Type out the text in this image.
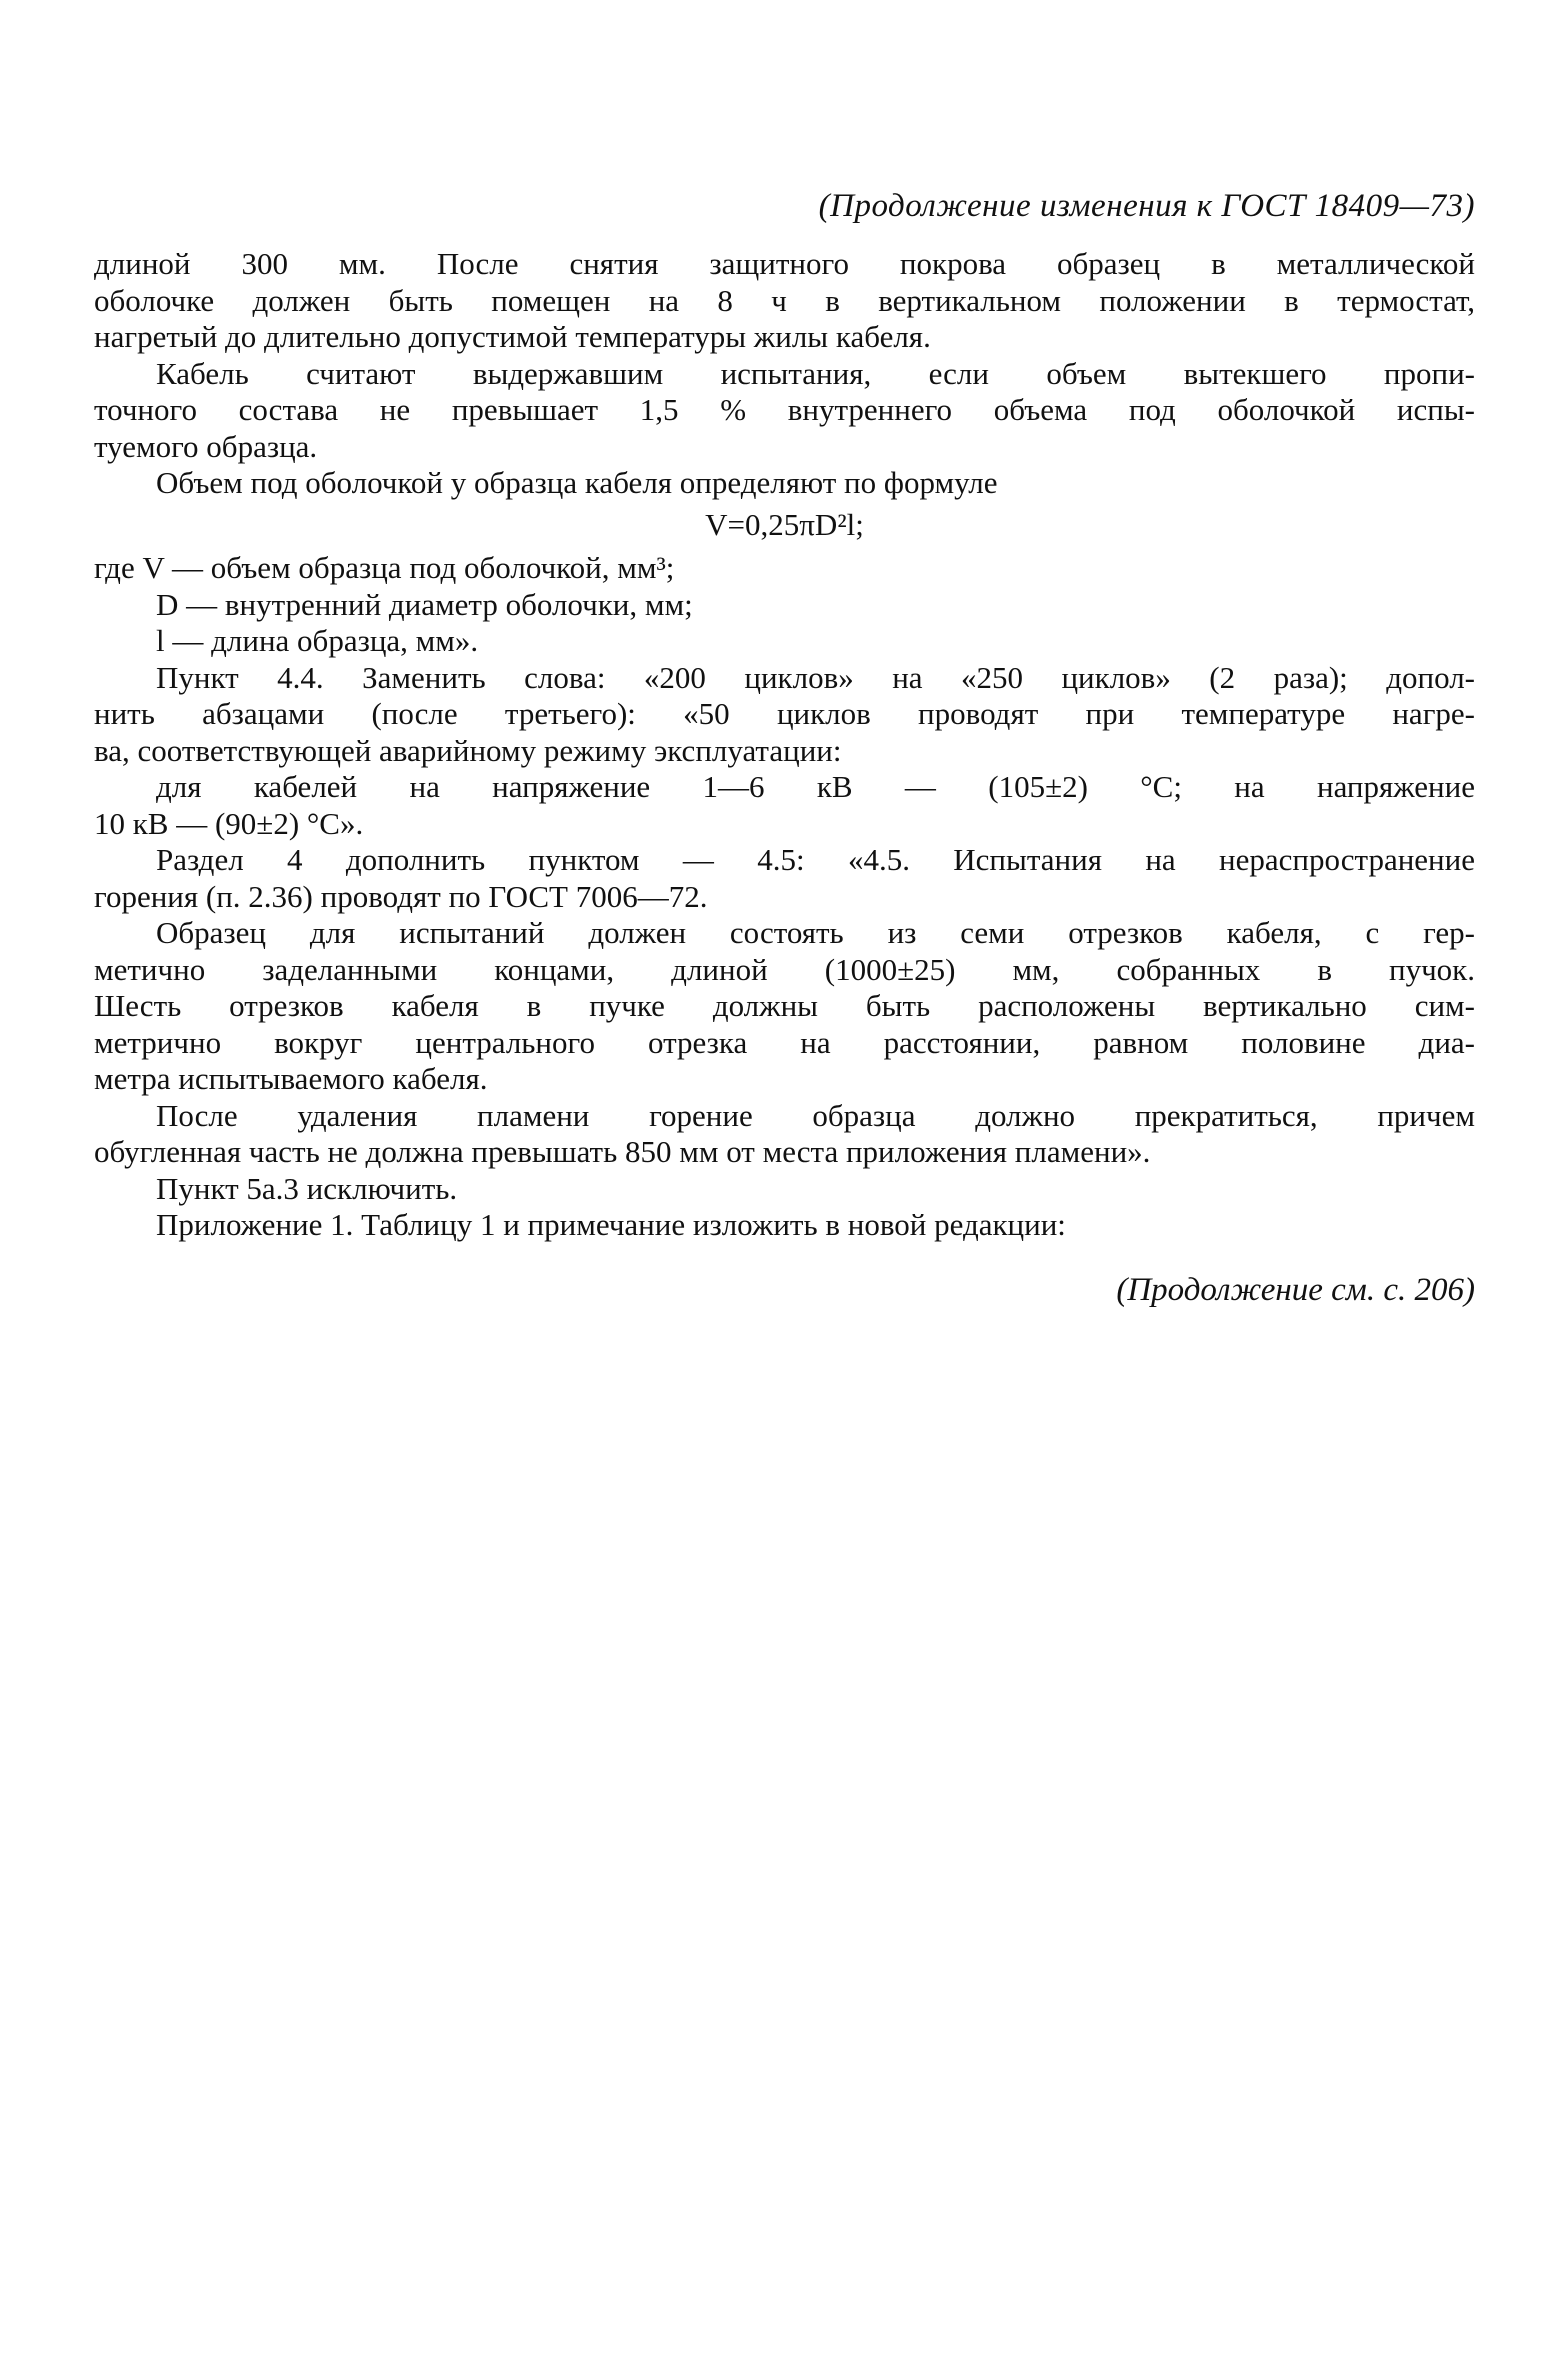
(Продолжение изменения к ГОСТ 18409—73)
длиной 300 мм. После снятия защитного покрова образец в металлической
оболочке должен быть помещен на 8 ч в вертикальном положении в термостат,
нагретый до длительно допустимой температуры жилы кабеля.
Кабель считают выдержавшим испытания, если объем вытекшего пропи-
точного состава не превышает 1,5 % внутреннего объема под оболочкой испы-
туемого образца.
Объем под оболочкой у образца кабеля определяют по формуле
V=0,25πD²l;
где V — объем образца под оболочкой, мм³;
D — внутренний диаметр оболочки, мм;
l — длина образца, мм».
Пункт 4.4. Заменить слова: «200 циклов» на «250 циклов» (2 раза); допол-
нить абзацами (после третьего): «50 циклов проводят при температуре нагре-
ва, соответствующей аварийному режиму эксплуатации:
для кабелей на напряжение 1—6 кВ — (105±2) °С; на напряжение
10 кВ — (90±2) °С».
Раздел 4 дополнить пунктом — 4.5: «4.5. Испытания на нераспространение
горения (п. 2.36) проводят по ГОСТ 7006—72.
Образец для испытаний должен состоять из семи отрезков кабеля, с гер-
метично заделанными концами, длиной (1000±25) мм, собранных в пучок.
Шесть отрезков кабеля в пучке должны быть расположены вертикально сим-
метрично вокруг центрального отрезка на расстоянии, равном половине диа-
метра испытываемого кабеля.
После удаления пламени горение образца должно прекратиться, причем
обугленная часть не должна превышать 850 мм от места приложения пламени».
Пункт 5а.3 исключить.
Приложение 1. Таблицу 1 и примечание изложить в новой редакции:
(Продолжение см. с. 206)
